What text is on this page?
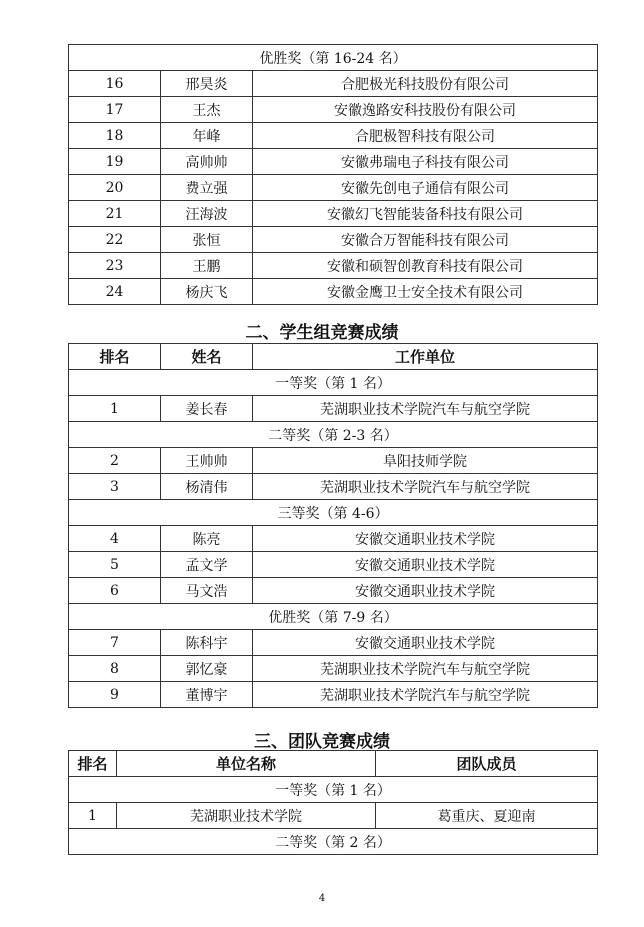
优胜奖（第 16-24 名）		
16	邢昊炎	合肥极光科技股份有限公司
17	王杰	安徽逸路安科技股份有限公司
18	年峰	合肥极智科技有限公司
19	高帅帅	安徽弗瑞电子科技有限公司
20	费立强	安徽先创电子通信有限公司
21	汪海波	安徽幻飞智能装备科技有限公司
22	张恒	安徽合万智能科技有限公司
23	王鹏	安徽和硕智创教育科技有限公司
24	杨庆飞	安徽金鹰卫士安全技术有限公司
二、学生组竞赛成绩
排名	姓名	工作单位
一等奖（第 1 名）		
1	姜长春	芜湖职业技术学院汽车与航空学院
二等奖（第 2-3 名）		
2	王帅帅	阜阳技师学院
3	杨清伟	芜湖职业技术学院汽车与航空学院
三等奖（第 4-6）		
4	陈亮	安徽交通职业技术学院
5	孟文学	安徽交通职业技术学院
6	马文浩	安徽交通职业技术学院
优胜奖（第 7-9 名）		
7	陈科宇	安徽交通职业技术学院
8	郭忆豪	芜湖职业技术学院汽车与航空学院
9	董博宇	芜湖职业技术学院汽车与航空学院
三、团队竞赛成绩
排名	单位名称	团队成员
一等奖（第 1 名）		
1	芜湖职业技术学院	葛重庆、夏迎南
二等奖（第 2 名）		
4
